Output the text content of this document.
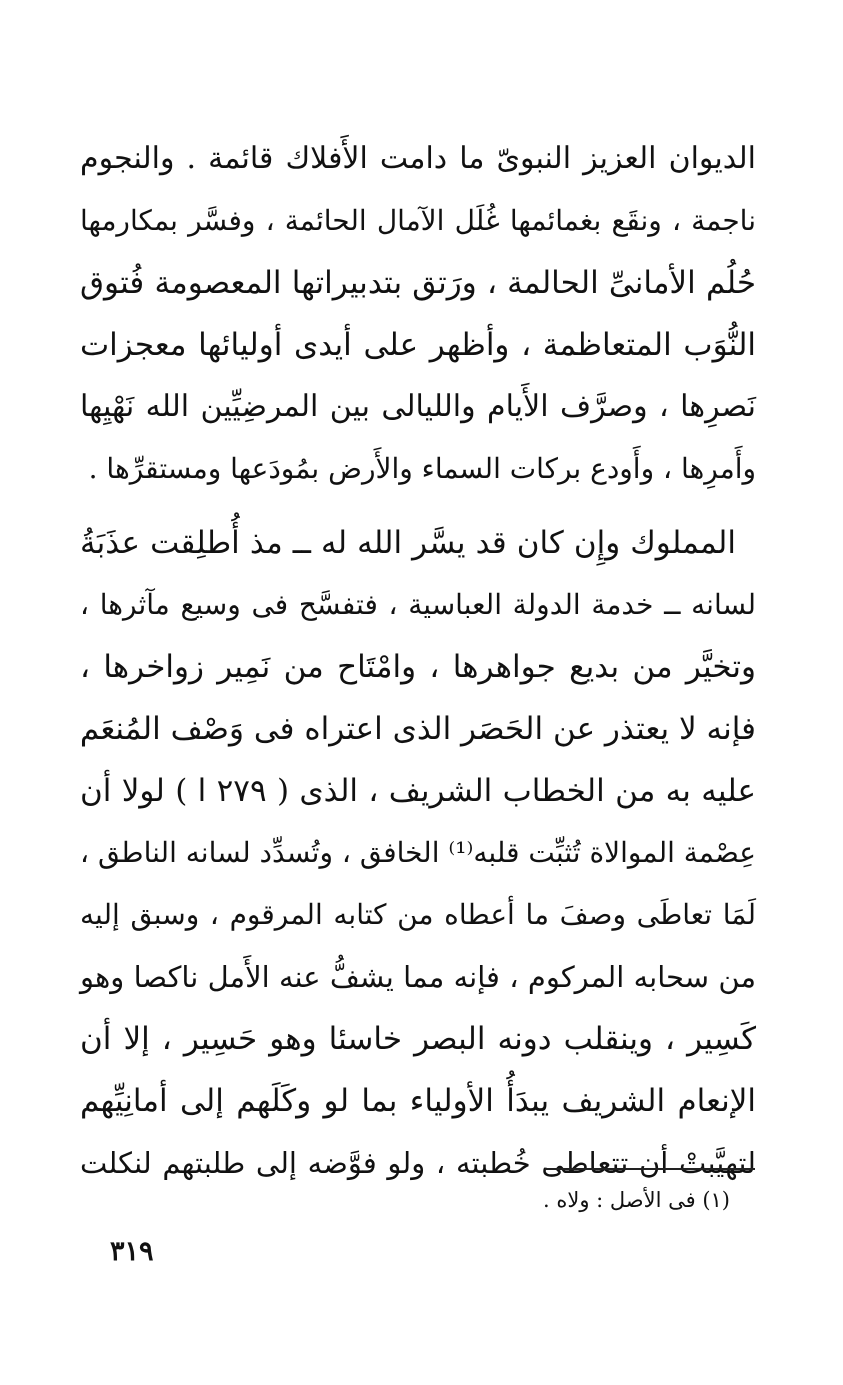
الديوان العزيز النبوىّ ما دامت الأَفلاك قائمة . والنجوم
ناجمة ، ونقَع بغمائمها غُلَل الآمال الحائمة ، وفسَّر بمكارمها
حُلُم الأمانىِّ الحالمة ، ورَتق بتدبيراتها المعصومة فُتوق
النُّوَب المتعاظمة ، وأظهر على أيدى أوليائها معجزات
نَصرِها ، وصرَّف الأَيام والليالى بين المرضِيِّين الله نَهْيِها
وأَمرِها ، وأَودع بركات السماء والأَرض بمُودَعها ومستقرِّها .
المملوك وإِن كان قد يسَّر الله له ــ مذ أُطلِقت عذَبَةُ
لسانه ــ خدمة الدولة العباسية ، فتفسَّح فى وسيع مآثرها ،
وتخيَّر من بديع جواهرها ، وامْتَاح من نَمِير زواخرها ،
فإنه لا يعتذر عن الحَصَر الذى اعتراه فى وَصْف المُنعَم
عليه به من الخطاب الشريف ، الذى ( ٢٧٩ ا ) لولا أن
عِصْمة الموالاة تُثبِّت قلبه⁽¹⁾ الخافق ، وتُسدِّد لسانه الناطق ،
لَمَا تعاطَى وصفَ ما أعطاه من كتابه المرقوم ، وسبق إليه
من سحابه المركوم ، فإنه مما يشفُّ عنه الأَمل ناكصا وهو
كَسِير ، وينقلب دونه البصر خاسئا وهو حَسِير ، إلا أن
الإنعام الشريف يبدَأُ الأولياء بما لو وكَلَهم إلى أمانِيِّهم
لتهيَّبتْ أن تتعاطى خُطبته ، ولو فوَّضه إلى طلبتهم لنكلت
(١) فى الأصل : ولاه .
٣١٩
